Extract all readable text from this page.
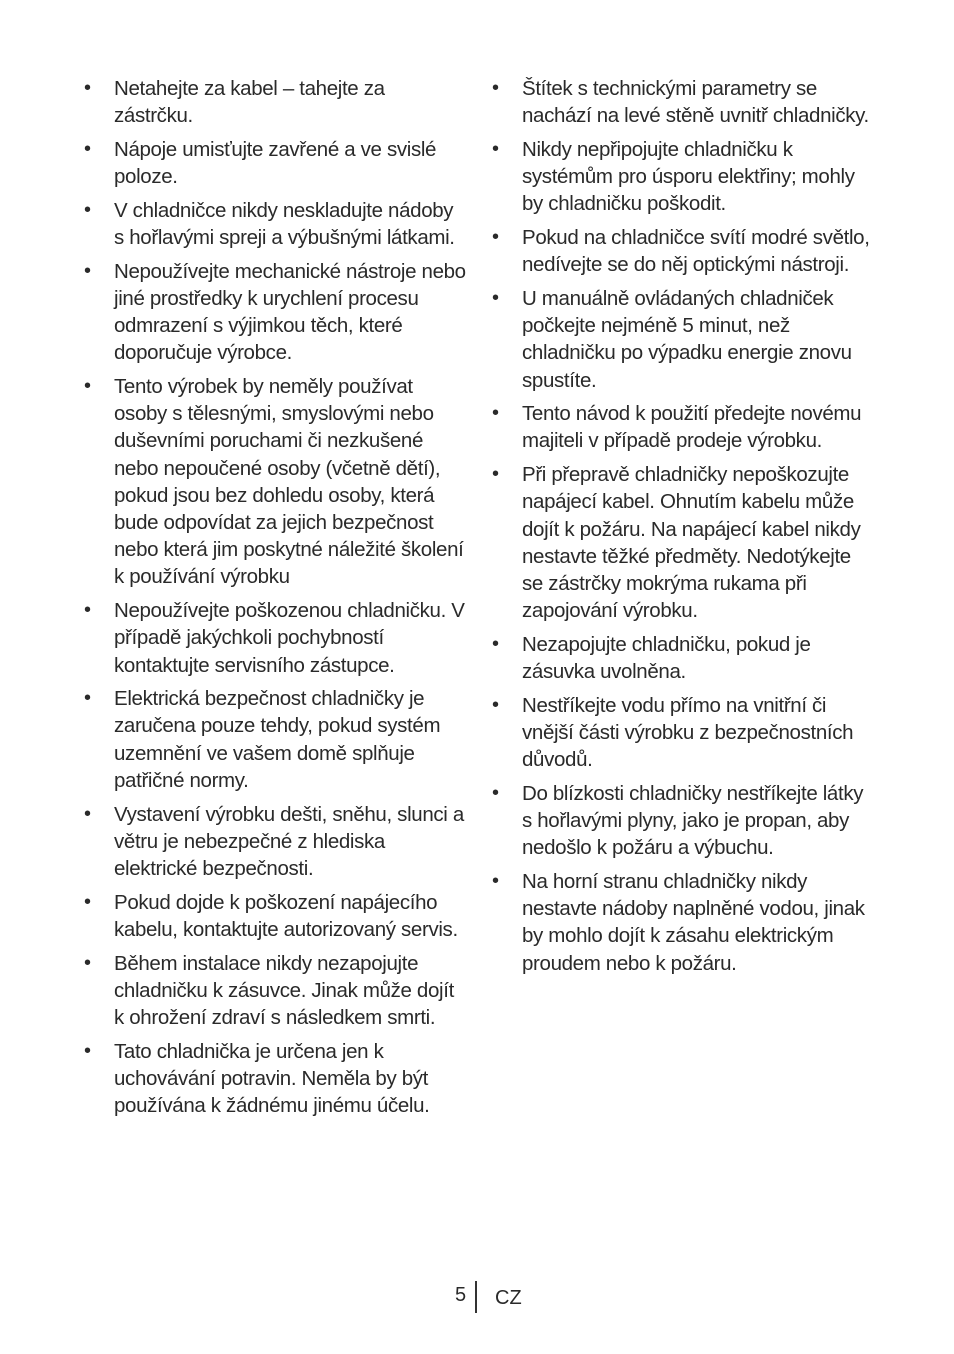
• Netahejte za kabel – tahejte za zástrčku.
• Nápoje umisťujte zavřené a ve svislé poloze.
• V chladničce nikdy neskladujte nádoby s hořlavými spreji a výbušnými látkami.
• Nepoužívejte mechanické nástroje nebo jiné prostředky k urychlení procesu odmrazení s výjimkou těch, které doporučuje výrobce.
• Tento výrobek by neměly používat osoby s tělesnými, smyslovými nebo duševními poruchami či nezkušené nebo nepoučené osoby (včetně dětí), pokud jsou bez dohledu osoby, která bude odpovídat za jejich bezpečnost nebo která jim poskytné náležité školení k používání výrobku
• Nepoužívejte poškozenou chladničku. V případě jakýchkoli pochybností kontaktujte servisního zástupce.
• Elektrická bezpečnost chladničky je zaručena pouze tehdy, pokud systém uzemnění ve vašem domě splňuje patřičné normy.
• Vystavení výrobku dešti, sněhu, slunci a větru je nebezpečné z hlediska elektrické bezpečnosti.
• Pokud dojde k poškození napájecího kabelu, kontaktujte autorizovaný servis.
• Během instalace nikdy nezapojujte chladničku k zásuvce. Jinak může dojít k ohrožení zdraví s následkem smrti.
• Tato chladnička je určena jen k uchovávání potravin. Neměla by být používána k žádnému jinému účelu.
• Štítek s technickými parametry se nachází na levé stěně uvnitř chladničky.
• Nikdy nepřipojujte chladničku k systémům pro úsporu elektřiny; mohly by chladničku poškodit.
• Pokud na chladničce svítí modré světlo, nedívejte se do něj optickými nástroji.
• U manuálně ovládaných chladniček počkejte nejméně 5 minut, než chladničku po výpadku energie znovu spustíte.
• Tento návod k použití předejte novému majiteli v případě prodeje výrobku.
• Při přepravě chladničky nepoškozujte napájecí kabel. Ohnutím kabelu může dojít k požáru. Na napájecí kabel nikdy nestavte těžké předměty. Nedotýkejte se zástrčky mokrýma rukama při zapojování výrobku.
• Nezapojujte chladničku, pokud je zásuvka uvolněna.
• Nestříkejte vodu přímo na vnitřní či vnější části výrobku z bezpečnostních důvodů.
• Do blízkosti chladničky nestříkejte látky s hořlavými plyny, jako je propan, aby nedošlo k požáru a výbuchu.
• Na horní stranu chladničky nikdy nestavte nádoby naplněné vodou, jinak by mohlo dojít k zásahu elektrickým proudem nebo k požáru.
5 CZ
